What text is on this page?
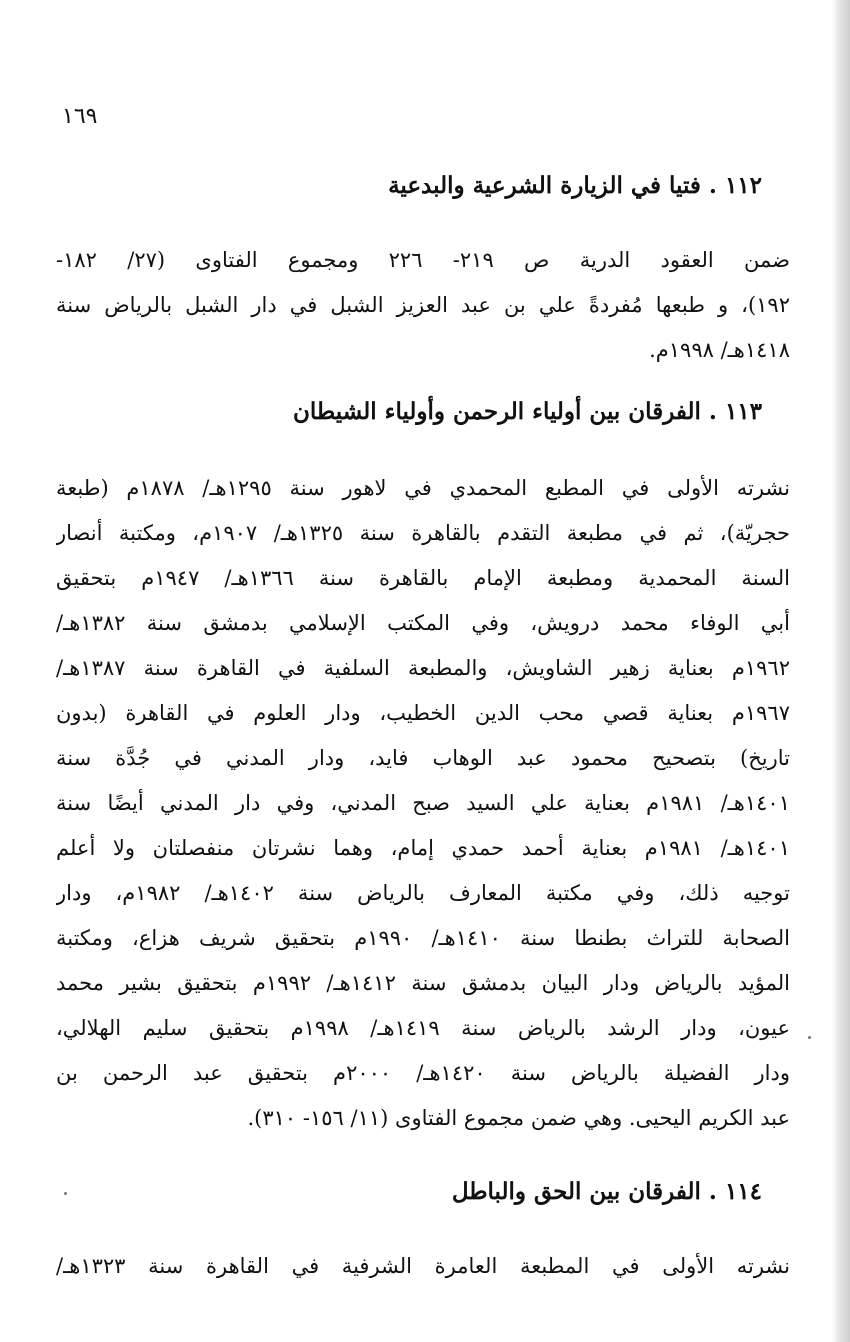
١٦٩
١١٢ . فتيا في الزيارة الشرعية والبدعية
ضمن العقود الدرية ص ٢١٩- ٢٢٦ ومجموع الفتاوى (٢٧/ ١٨٢-
١٩٢)، و طبعها مُفردةً علي بن عبد العزيز الشبل في دار الشبل بالرياض سنة
١٤١٨هـ/ ١٩٩٨م.
١١٣ . الفرقان بين أولياء الرحمن وأولياء الشيطان
نشرته الأولى في المطبع المحمدي في لاهور سنة ١٢٩٥هـ/ ١٨٧٨م (طبعة
حجريّة)، ثم في مطبعة التقدم بالقاهرة سنة ١٣٢٥هـ/ ١٩٠٧م، ومكتبة أنصار
السنة المحمدية ومطبعة الإمام بالقاهرة سنة ١٣٦٦هـ/ ١٩٤٧م بتحقيق
أبي الوفاء محمد درويش، وفي المكتب الإسلامي بدمشق سنة ١٣٨٢هـ/
١٩٦٢م بعناية زهير الشاويش، والمطبعة السلفية في القاهرة سنة ١٣٨٧هـ/
١٩٦٧م بعناية قصي محب الدين الخطيب، ودار العلوم في القاهرة (بدون
تاريخ) بتصحيح محمود عبد الوهاب فايد، ودار المدني في جُدَّة سنة
١٤٠١هـ/ ١٩٨١م بعناية علي السيد صبح المدني، وفي دار المدني أيضًا سنة
١٤٠١هـ/ ١٩٨١م بعناية أحمد حمدي إمام، وهما نشرتان منفصلتان ولا أعلم
توجيه ذلك، وفي مكتبة المعارف بالرياض سنة ١٤٠٢هـ/ ١٩٨٢م، ودار
الصحابة للتراث بطنطا سنة ١٤١٠هـ/ ١٩٩٠م بتحقيق شريف هزاع، ومكتبة
المؤيد بالرياض ودار البيان بدمشق سنة ١٤١٢هـ/ ١٩٩٢م بتحقيق بشير محمد
عيون، ودار الرشد بالرياض سنة ١٤١٩هـ/ ١٩٩٨م بتحقيق سليم الهلالي،
ودار الفضيلة بالرياض سنة ١٤٢٠هـ/ ٢٠٠٠م بتحقيق عبد الرحمن بن
عبد الكريم اليحيى. وهي ضمن مجموع الفتاوى (١١/ ١٥٦- ٣١٠).
١١٤ . الفرقان بين الحق والباطل
نشرته الأولى في المطبعة العامرة الشرفية في القاهرة سنة ١٣٢٣هـ/
